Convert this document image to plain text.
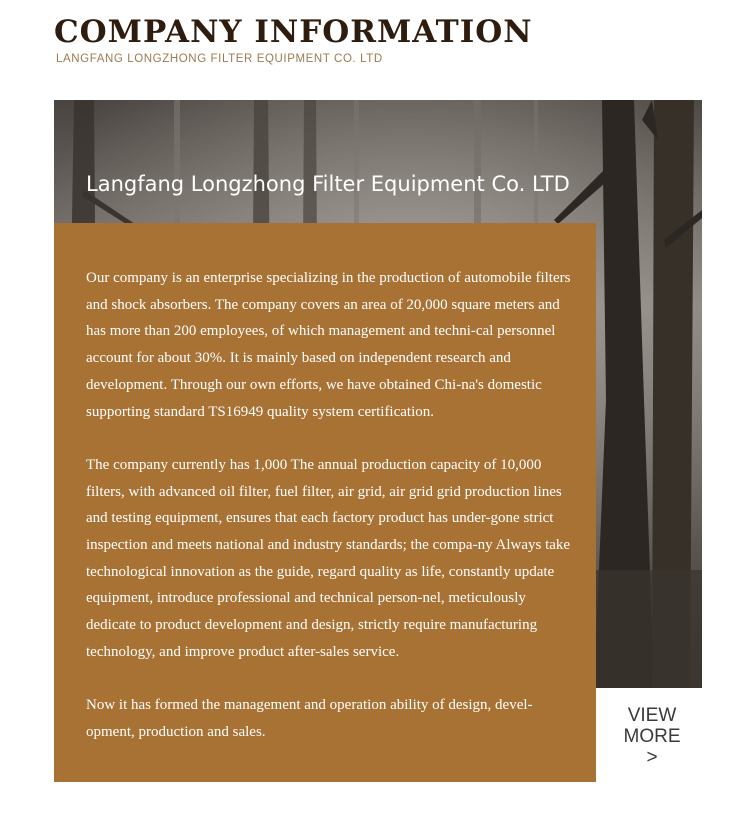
COMPANY INFORMATION
LANGFANG LONGZHONG FILTER EQUIPMENT CO. LTD
Langfang Longzhong Filter Equipment Co. LTD

Our company is an enterprise specializing in the production of automobile filters and shock absorbers. The company covers an area of 20,000 square meters and has more than 200 employees, of which management and techni-cal personnel account for about 30%. It is mainly based on independent research and development. Through our own efforts, we have obtained Chi-na's domestic supporting standard TS16949 quality system certification.

The company currently has 1,000 The annual production capacity of 10,000 filters, with advanced oil filter, fuel filter, air grid, air grid grid production lines and testing equipment, ensures that each factory product has under-gone strict inspection and meets national and industry standards; the compa-ny Always take technological innovation as the guide, regard quality as life, constantly update equipment, introduce professional and technical person-nel, meticulously dedicate to product development and design, strictly require manufacturing technology, and improve product after-sales service.

Now it has formed the management and operation ability of design, devel-opment, production and sales.

VIEW
MORE
>
